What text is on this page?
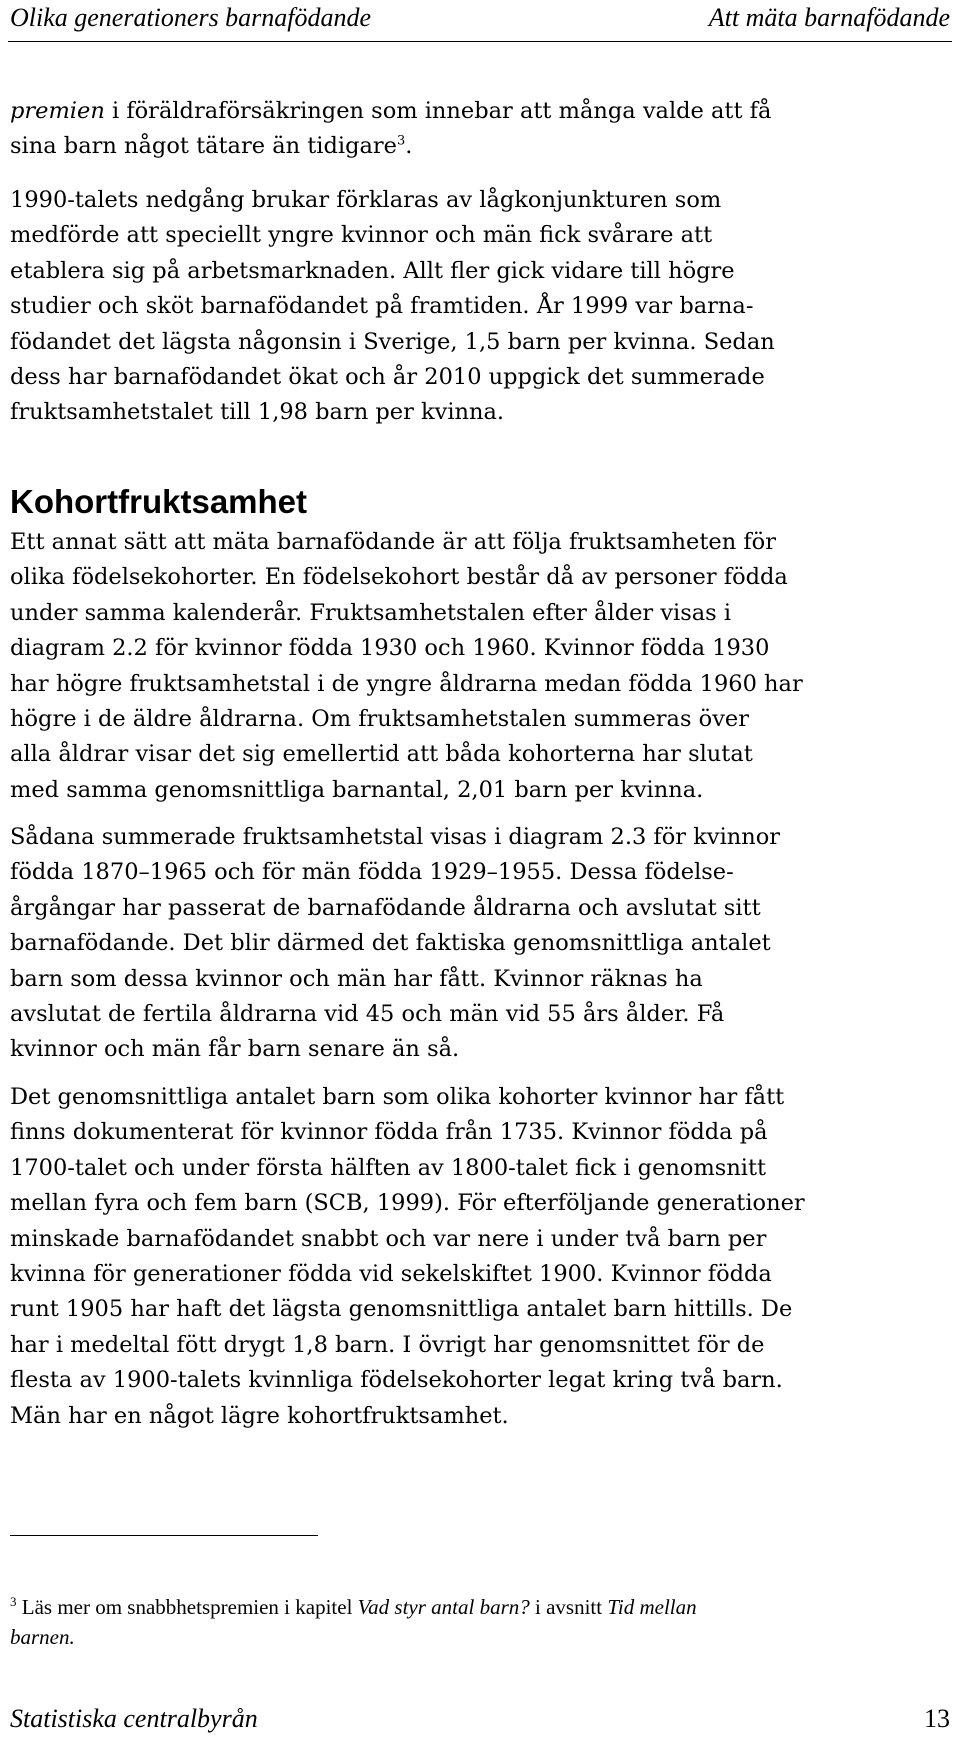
Olika generationers barnafödande	Att mäta barnafödande

premien i föräldraförsäkringen som innebar att många valde att få
sina barn något tätare än tidigare$^3$.

1990-talets nedgång brukar förklaras av lågkonjunkturen som
medförde att speciellt yngre kvinnor och män fick svårare att
etablera sig på arbetsmarknaden. Allt fler gick vidare till högre
studier och sköt barnafödandet på framtiden. År 1999 var barna-
födandet det lägsta någonsin i Sverige, 1,5 barn per kvinna. Sedan
dess har barnafödandet ökat och år 2010 uppgick det summerade
fruktsamhetstalet till 1,98 barn per kvinna.

Kohortfruktsamhet

Ett annat sätt att mäta barnafödande är att följa fruktsamheten för
olika födelsekohorter. En födelsekohort består då av personer födda
under samma kalenderår. Fruktsamhetstalen efter ålder visas i
diagram 2.2 för kvinnor födda 1930 och 1960. Kvinnor födda 1930
har högre fruktsamhetstal i de yngre åldrarna medan födda 1960 har
högre i de äldre åldrarna. Om fruktsamhetstalen summeras över
alla åldrar visar det sig emellertid att båda kohorterna har slutat
med samma genomsnittliga barnantal, 2,01 barn per kvinna.

Sådana summerade fruktsamhetstal visas i diagram 2.3 för kvinnor
födda 1870–1965 och för män födda 1929–1955. Dessa födelse-
årgångar har passerat de barnafödande åldrarna och avslutat sitt
barnafödande. Det blir därmed det faktiska genomsnittliga antalet
barn som dessa kvinnor och män har fått. Kvinnor räknas ha
avslutat de fertila åldrarna vid 45 och män vid 55 års ålder. Få
kvinnor och män får barn senare än så.

Det genomsnittliga antalet barn som olika kohorter kvinnor har fått
finns dokumenterat för kvinnor födda från 1735. Kvinnor födda på
1700-talet och under första hälften av 1800-talet fick i genomsnitt
mellan fyra och fem barn (SCB, 1999). För efterföljande generationer
minskade barnafödandet snabbt och var nere i under två barn per
kvinna för generationer födda vid sekelskiftet 1900. Kvinnor födda
runt 1905 har haft det lägsta genomsnittliga antalet barn hittills. De
har i medeltal fött drygt 1,8 barn. I övrigt har genomsnittet för de
flesta av 1900-talets kvinnliga födelsekohorter legat kring två barn.
Män har en något lägre kohortfruktsamhet.

$^3$ Läs mer om snabbhetspremien i kapitel Vad styr antal barn? i avsnitt Tid mellan
barnen.
Statistiska centralbyrån	13
